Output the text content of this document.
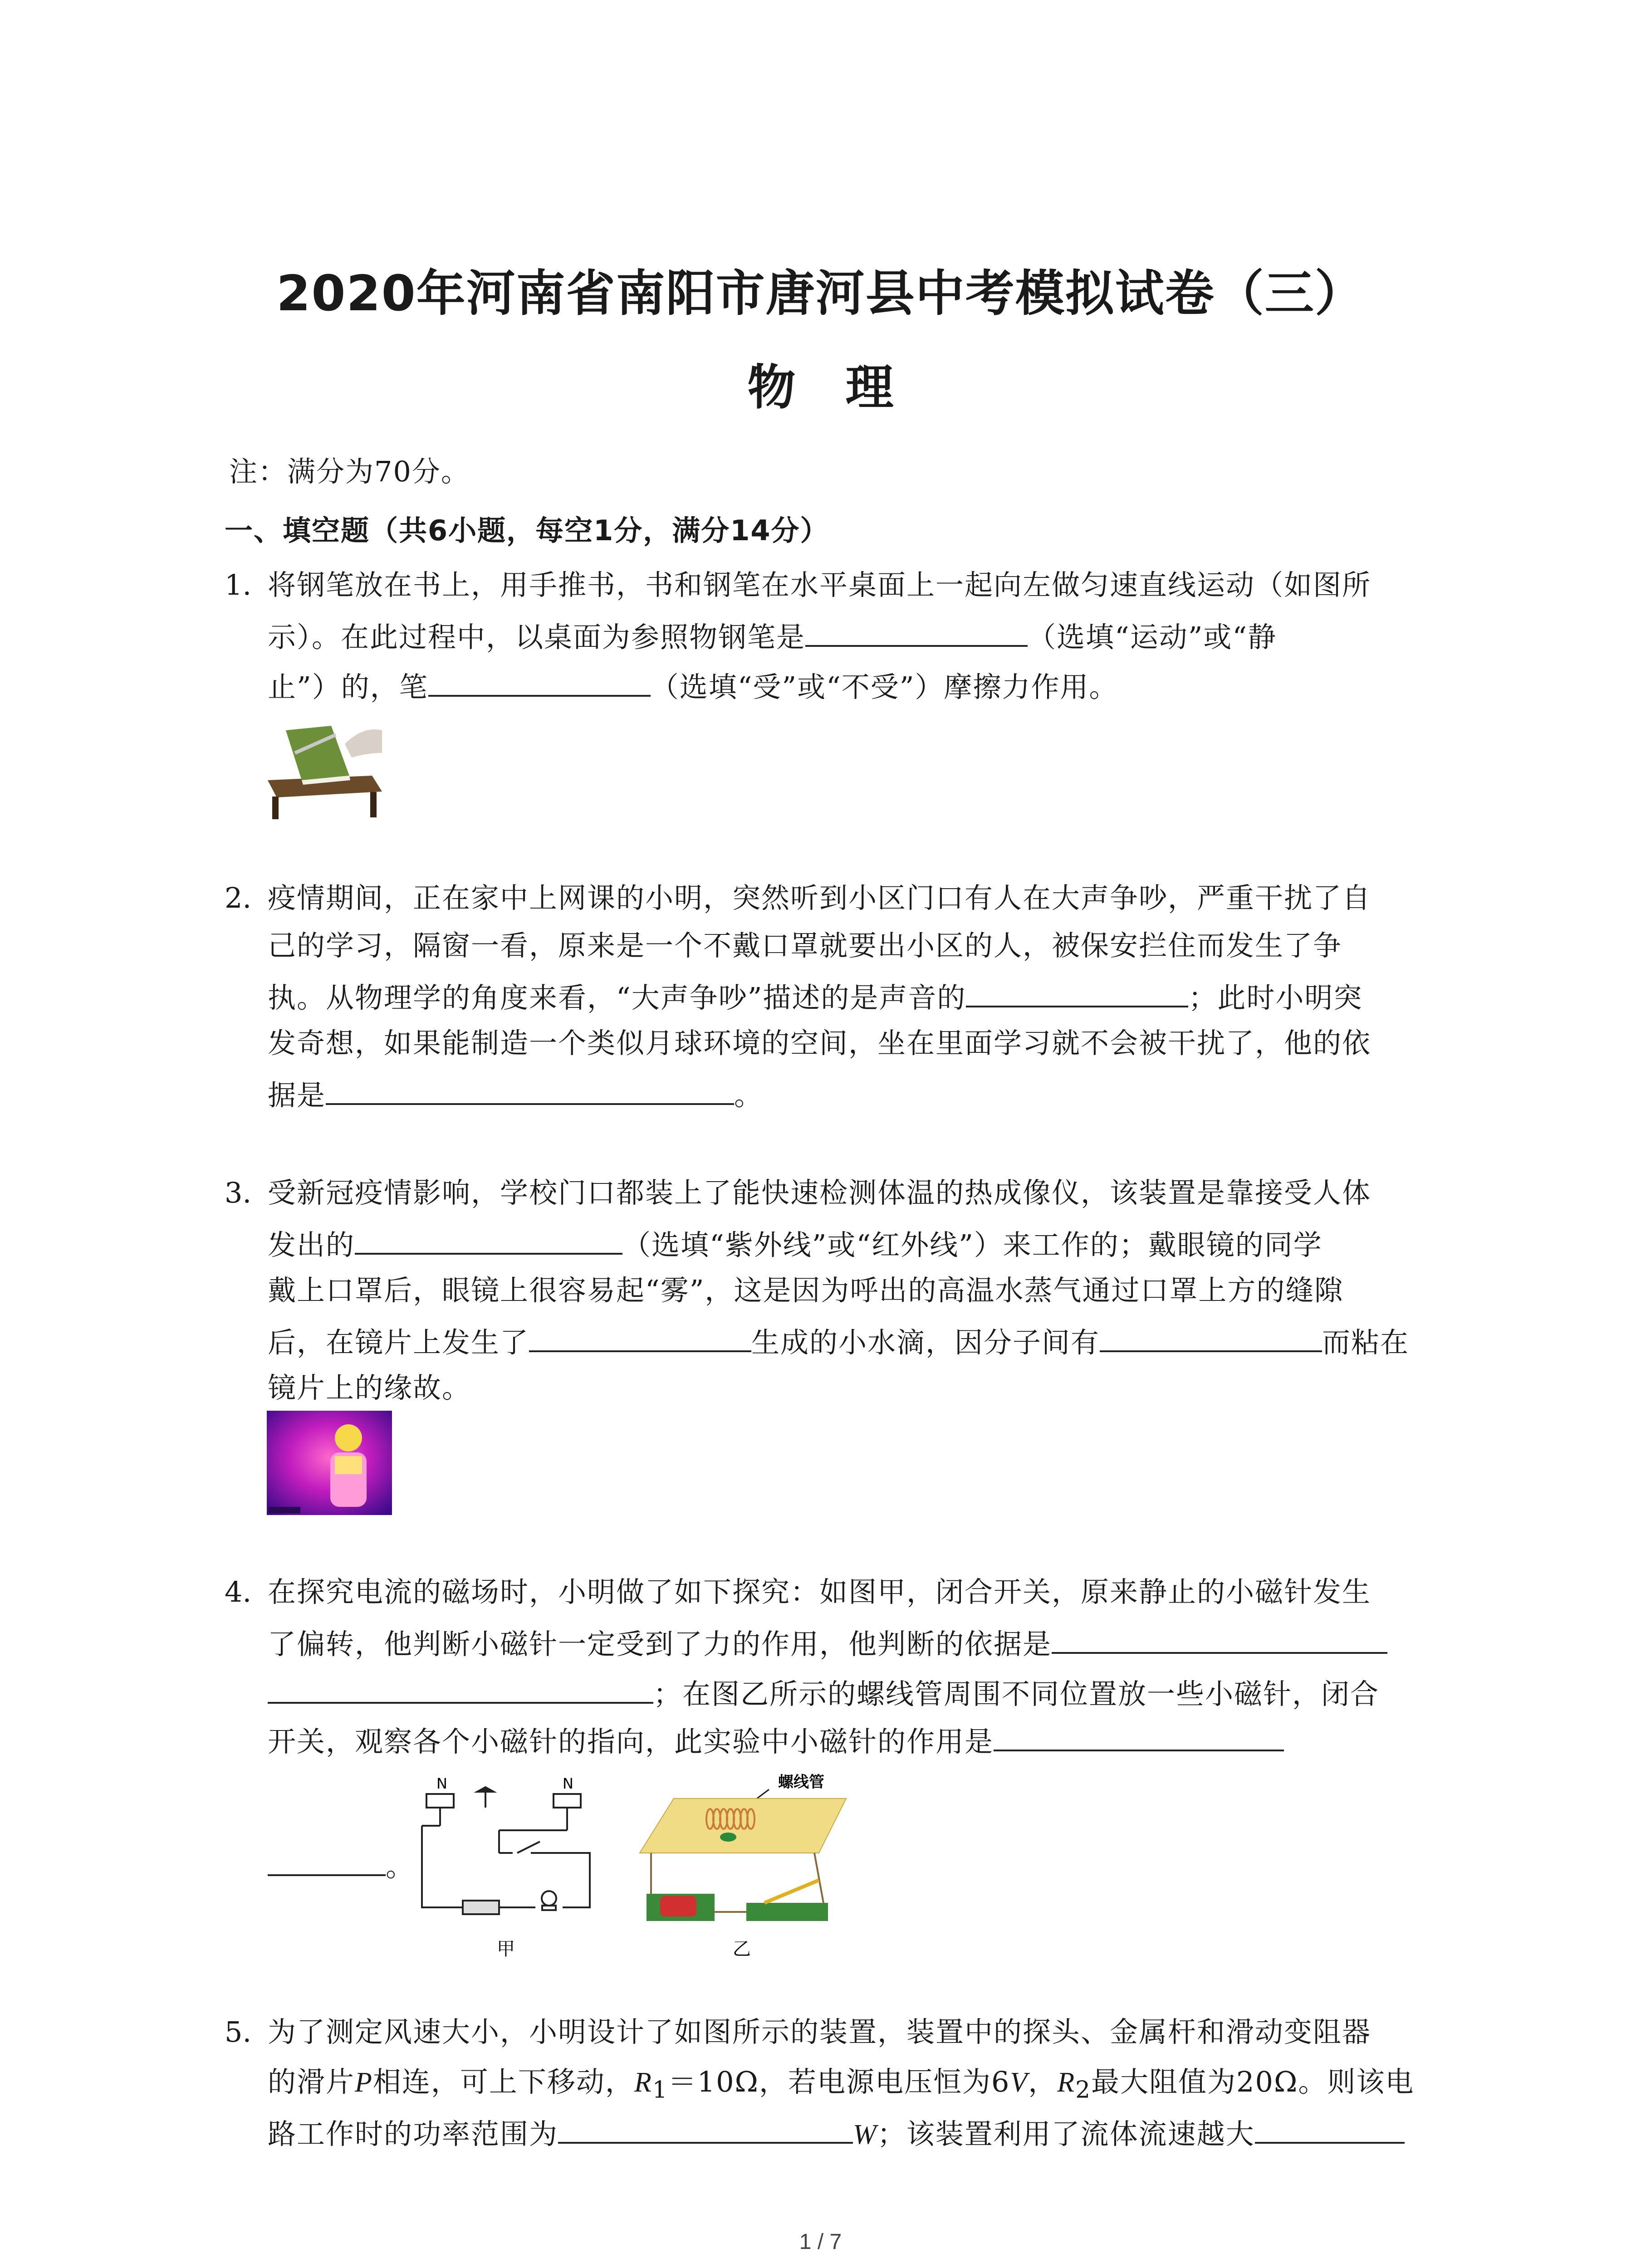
2020年河南省南阳市唐河县中考模拟试卷（三）
物理
注：满分为70分。
一、填空题（共6小题，每空1分，满分14分）
1. 将钢笔放在书上，用手推书，书和钢笔在水平桌面上一起向左做匀速直线运动（如图所
示）。在此过程中，以桌面为参照物钢笔是	（选填“运动”或“静
止”）的，笔	（选填“受”或“不受”）摩擦力作用。
2. 疫情期间，正在家中上网课的小明，突然听到小区门口有人在大声争吵，严重干扰了自
己的学习，隔窗一看，原来是一个不戴口罩就要出小区的人，被保安拦住而发生了争
执。从物理学的角度来看，“大声争吵”描述的是声音的	；此时小明突
发奇想，如果能制造一个类似月球环境的空间，坐在里面学习就不会被干扰了，他的依
据是	。
3. 受新冠疫情影响，学校门口都装上了能快速检测体温的热成像仪，该装置是靠接受人体
发出的	（选填“紫外线”或“红外线”）来工作的；戴眼镜的同学
戴上口罩后，眼镜上很容易起“雾”，这是因为呼出的高温水蒸气通过口罩上方的缝隙
后，在镜片上发生了	生成的小水滴，因分子间有	而粘在
镜片上的缘故。
4. 在探究电流的磁场时，小明做了如下探究：如图甲，闭合开关，原来静止的小磁针发生
了偏转，他判断小磁针一定受到了力的作用，他判断的依据是
；在图乙所示的螺线管周围不同位置放一些小磁针，闭合
开关，观察各个小磁针的指向，此实验中小磁针的作用是
。
N	N
甲
螺线管
乙
5. 为了测定风速大小，小明设计了如图所示的装置，装置中的探头、金属杆和滑动变阻器
的滑片P相连，可上下移动，$R_1=10\Omega$，若电源电压恒为6V，$R_2$最大阻值为20Ω。则该电
路工作时的功率范围为	W；该装置利用了流体流速越大
1 / 7
